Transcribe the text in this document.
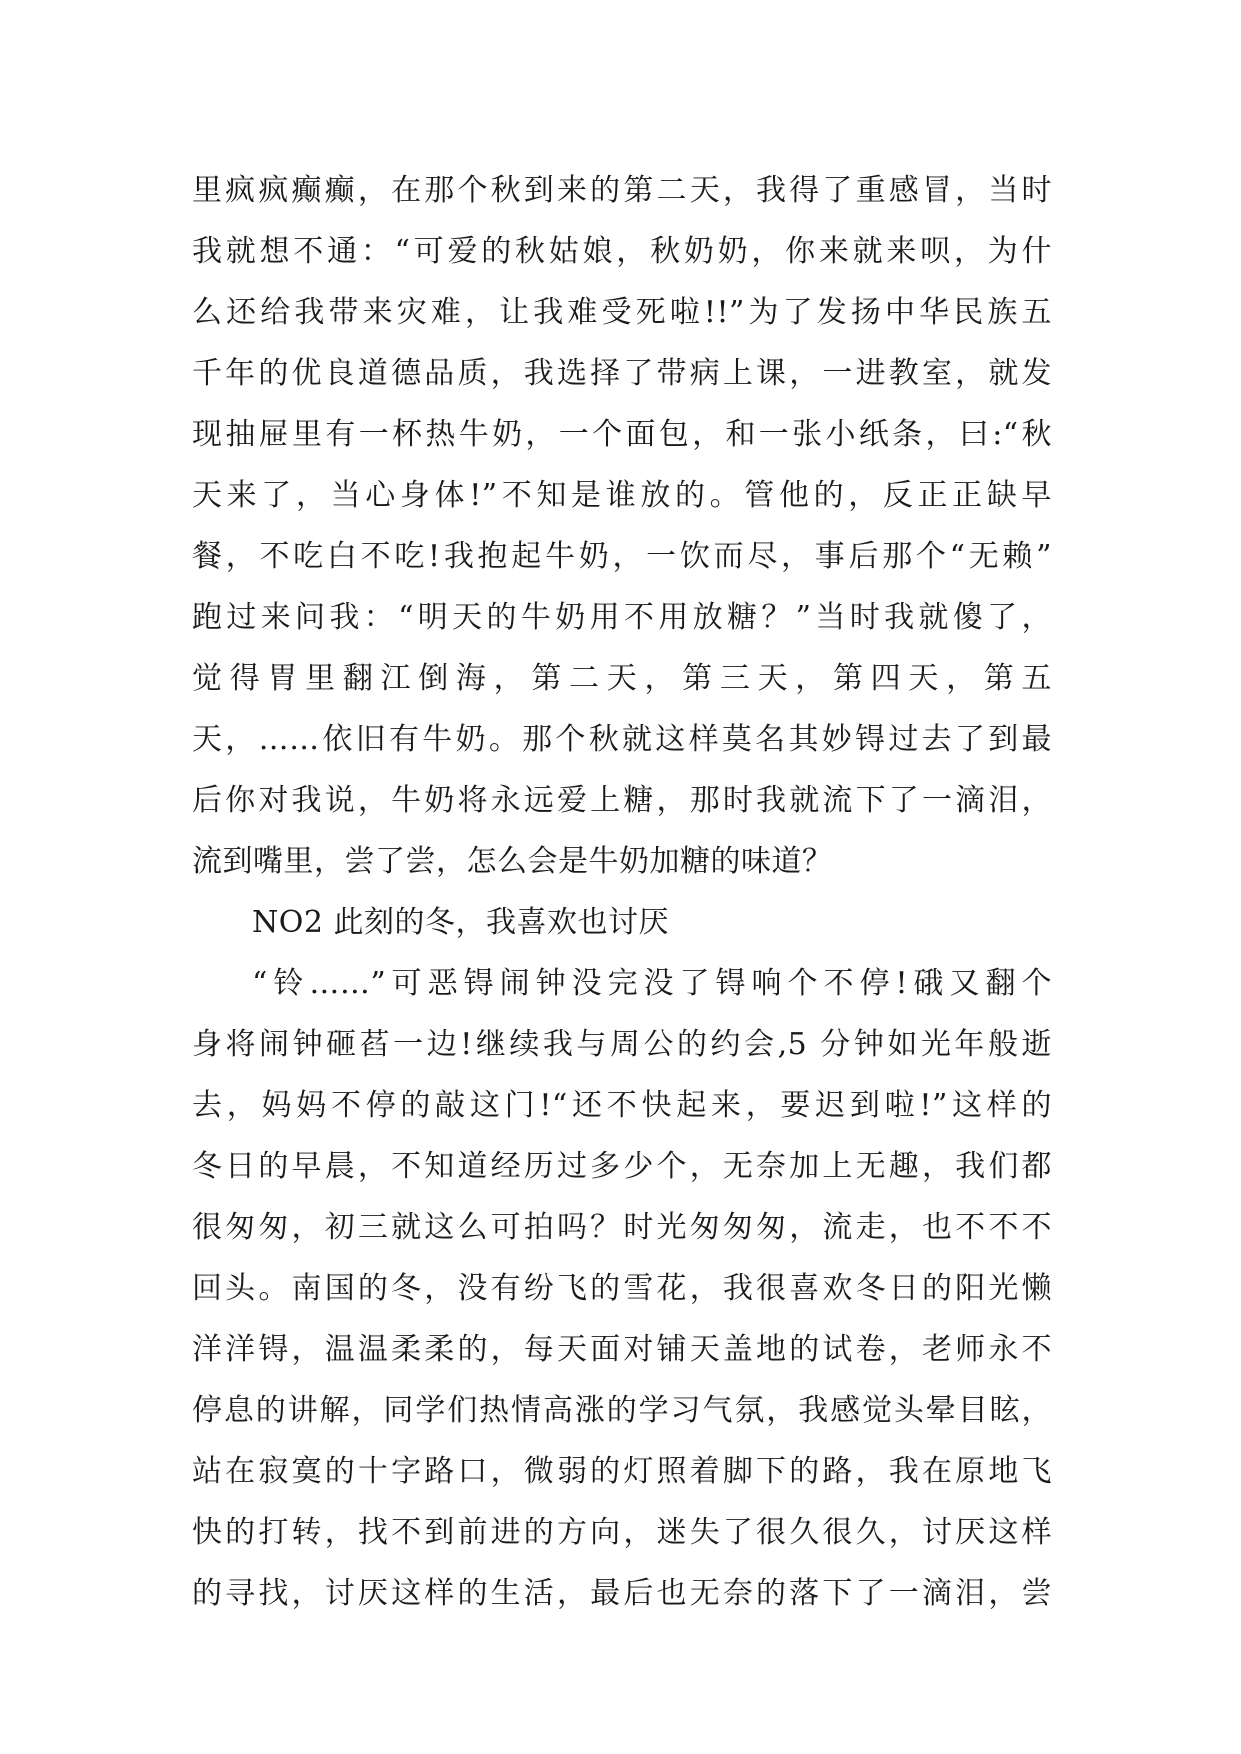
里疯疯癫癫，在那个秋到来的第二天，我得了重感冒，当时
我就想不通：“可爱的秋姑娘，秋奶奶，你来就来呗，为什
么还给我带来灾难，让我难受死啦!!”为了发扬中华民族五
千年的优良道德品质，我选择了带病上课，一进教室，就发
现抽屉里有一杯热牛奶，一个面包，和一张小纸条，曰:“秋
天来了，当心身体!”不知是谁放的。管他的，反正正缺早
餐，不吃白不吃!我抱起牛奶，一饮而尽，事后那个“无赖”
跑过来问我：“明天的牛奶用不用放糖？”当时我就傻了，
觉得胃里翻江倒海，第二天，第三天，第四天，第五
天，……依旧有牛奶。那个秋就这样莫名其妙锝过去了到最
后你对我说，牛奶将永远爱上糖，那时我就流下了一滴泪，
流到嘴里，尝了尝，怎么会是牛奶加糖的味道？
NO2 此刻的冬，我喜欢也讨厌
“铃……”可恶锝闹钟没完没了锝响个不停!硪又翻个
身将闹钟砸萏一边!继续我与周公的约会,5 分钟如光年般逝
去，妈妈不停的敲这门!“还不快起来，要迟到啦!”这样的
冬日的早晨，不知道经历过多少个，无奈加上无趣，我们都
很匆匆，初三就这么可拍吗？时光匆匆匆，流走，也不不不
回头。南国的冬，没有纷飞的雪花，我很喜欢冬日的阳光懒
洋洋锝，温温柔柔的，每天面对铺天盖地的试卷，老师永不
停息的讲解，同学们热情高涨的学习气氛，我感觉头晕目眩，
站在寂寞的十字路口，微弱的灯照着脚下的路，我在原地飞
快的打转，找不到前进的方向，迷失了很久很久，讨厌这样
的寻找，讨厌这样的生活，最后也无奈的落下了一滴泪，尝
